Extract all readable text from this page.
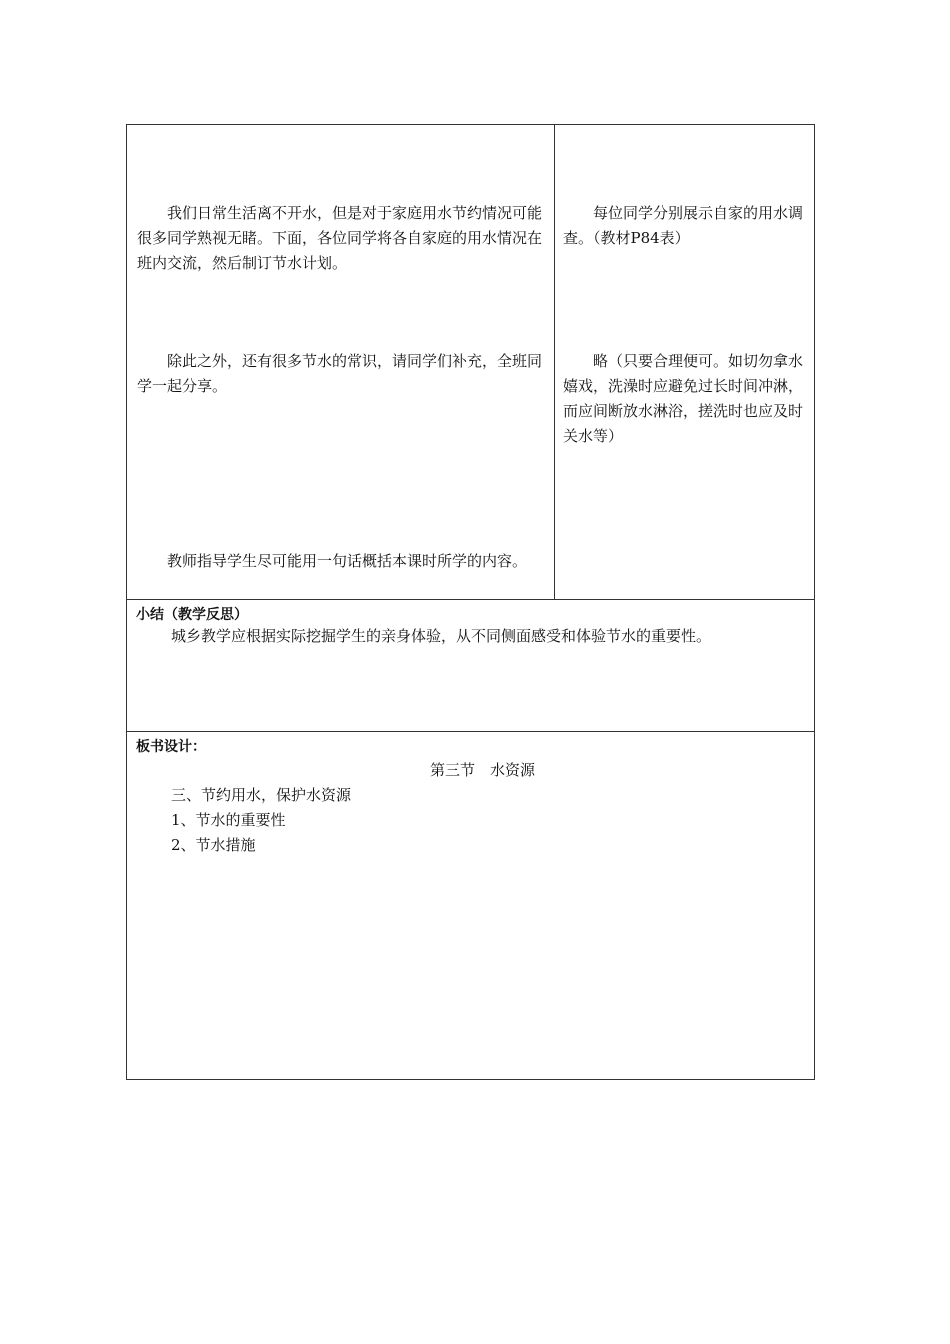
我们日常生活离不开水，但是对于家庭用水节约情况可能很多同学熟视无睹。下面，各位同学将各自家庭的用水情况在班内交流，然后制订节水计划。

除此之外，还有很多节水的常识，请同学们补充，全班同学一起分享。

教师指导学生尽可能用一句话概括本课时所学的内容。

每位同学分别展示自家的用水调查。（教材P84表）

略（只要合理便可。如切勿拿水嬉戏，洗澡时应避免过长时间冲淋，而应间断放水淋浴，搓洗时也应及时关水等）

小结（教学反思）
城乡教学应根据实际挖掘学生的亲身体验，从不同侧面感受和体验节水的重要性。
板书设计：
第三节　水资源
三、节约用水，保护水资源
1、节水的重要性
2、节水措施
